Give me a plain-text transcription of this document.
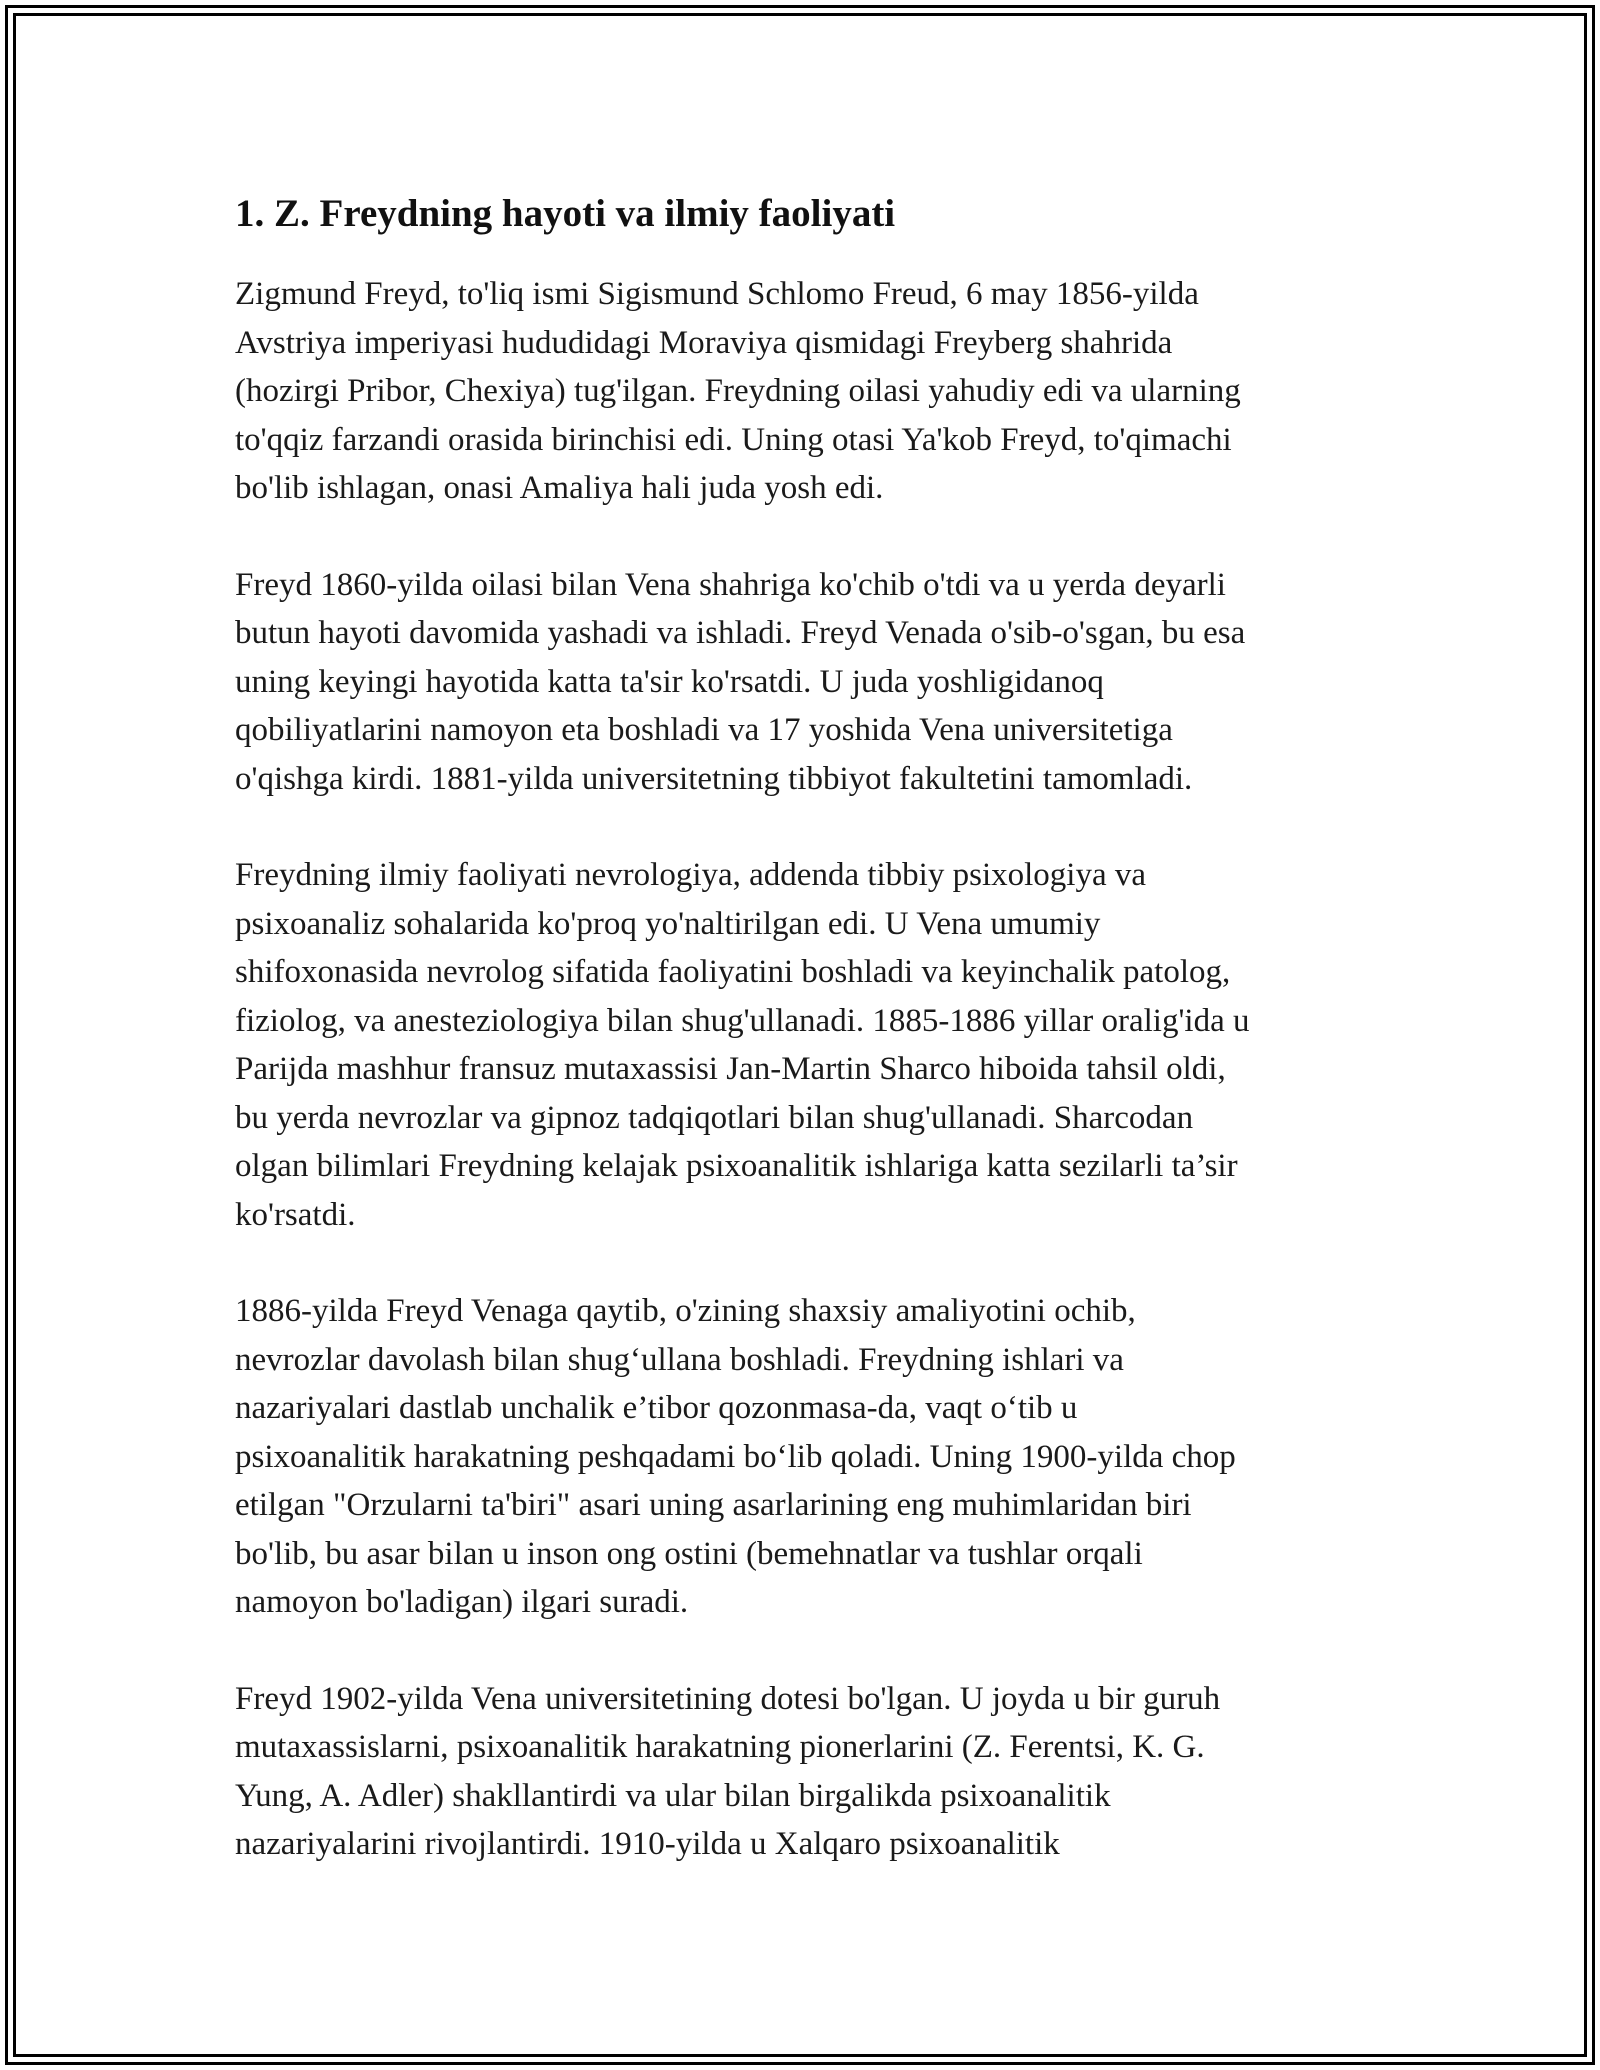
1. Z. Freydning hayoti va ilmiy faoliyati

Zigmund Freyd, to'liq ismi Sigismund Schlomo Freud, 6 may 1856-yilda
Avstriya imperiyasi hududidagi Moraviya qismidagi Freyberg shahrida
(hozirgi Pribor, Chexiya) tug'ilgan. Freydning oilasi yahudiy edi va ularning
to'qqiz farzandi orasida birinchisi edi. Uning otasi Ya'kob Freyd, to'qimachi
bo'lib ishlagan, onasi Amaliya hali juda yosh edi.

Freyd 1860-yilda oilasi bilan Vena shahriga ko'chib o'tdi va u yerda deyarli
butun hayoti davomida yashadi va ishladi. Freyd Venada o'sib-o'sgan, bu esa
uning keyingi hayotida katta ta'sir ko'rsatdi. U juda yoshligidanoq
qobiliyatlarini namoyon eta boshladi va 17 yoshida Vena universitetiga
o'qishga kirdi. 1881-yilda universitetning tibbiyot fakultetini tamomladi.

Freydning ilmiy faoliyati nevrologiya, addenda tibbiy psixologiya va
psixoanaliz sohalarida ko'proq yo'naltirilgan edi. U Vena umumiy
shifoxonasida nevrolog sifatida faoliyatini boshladi va keyinchalik patolog,
fiziolog, va anesteziologiya bilan shug'ullanadi. 1885-1886 yillar oralig'ida u
Parijda mashhur fransuz mutaxassisi Jan-Martin Sharco hiboida tahsil oldi,
bu yerda nevrozlar va gipnoz tadqiqotlari bilan shug'ullanadi. Sharcodan
olgan bilimlari Freydning kelajak psixoanalitik ishlariga katta sezilarli ta’sir
ko'rsatdi.

1886-yilda Freyd Venaga qaytib, o'zining shaxsiy amaliyotini ochib,
nevrozlar davolash bilan shug‘ullana boshladi. Freydning ishlari va
nazariyalari dastlab unchalik e’tibor qozonmasa-da, vaqt o‘tib u
psixoanalitik harakatning peshqadami bo‘lib qoladi. Uning 1900-yilda chop
etilgan "Orzularni ta'biri" asari uning asarlarining eng muhimlaridan biri
bo'lib, bu asar bilan u inson ong ostini (bemehnatlar va tushlar orqali
namoyon bo'ladigan) ilgari suradi.

Freyd 1902-yilda Vena universitetining dotesi bo'lgan. U joyda u bir guruh
mutaxassislarni, psixoanalitik harakatning pionerlarini (Z. Ferentsi, K. G.
Yung, A. Adler) shakllantirdi va ular bilan birgalikda psixoanalitik
nazariyalarini rivojlantirdi. 1910-yilda u Xalqaro psixoanalitik
